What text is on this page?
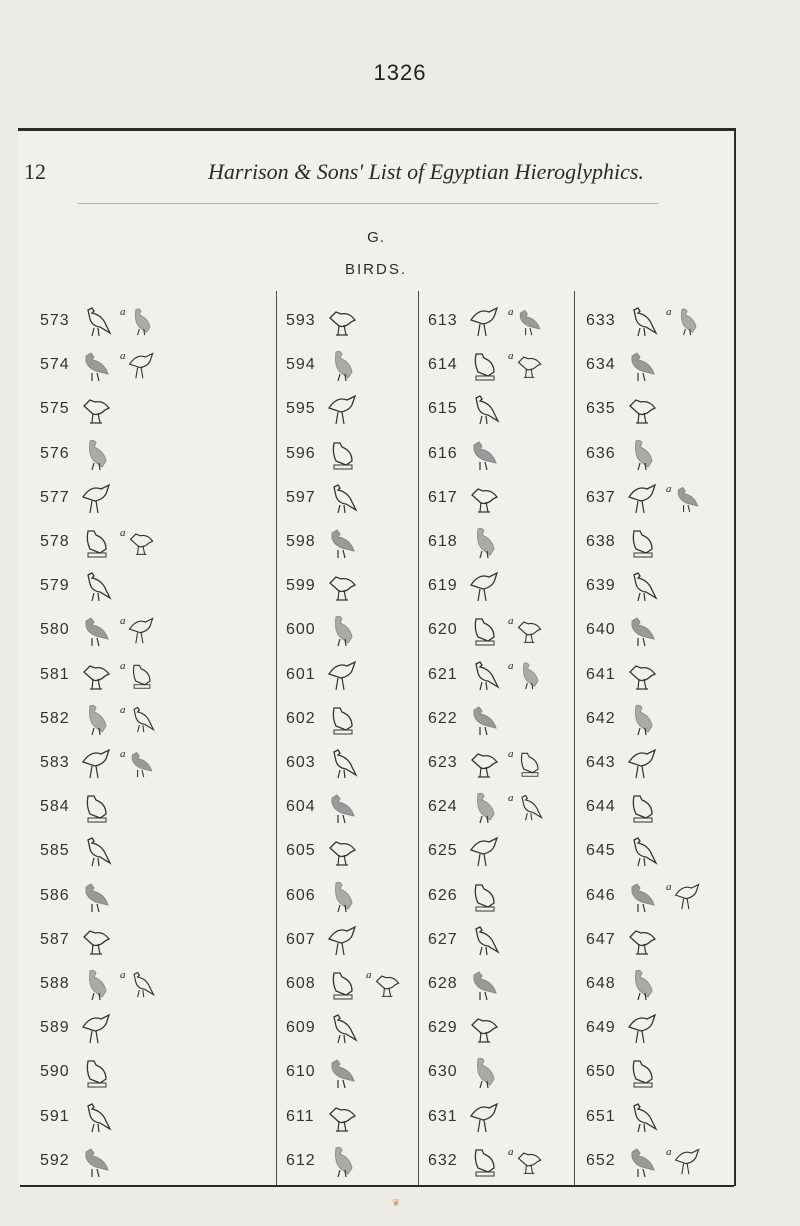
1326
12	Harrison & Sons' List of Egyptian Hieroglyphics.
G.
BIRDS.
573	a
574	a
575
576
577
578	a
579
580	a
581	a
582	a
583	a
584
585
586
587
588	a
589
590
591
592
593
594
595
596
597
598
599
600
601
602
603
604
605
606
607
608	a
609
610
611
612
613	a
614	a
615
616
617
618
619
620	a
621	a
622
623	a
624	a
625
626
627
628
629
630
631
632	a
633	a
634
635
636
637	a
638
639
640
641
642
643
644
645
646	a
647
648
649
650
651
652	a
❦
